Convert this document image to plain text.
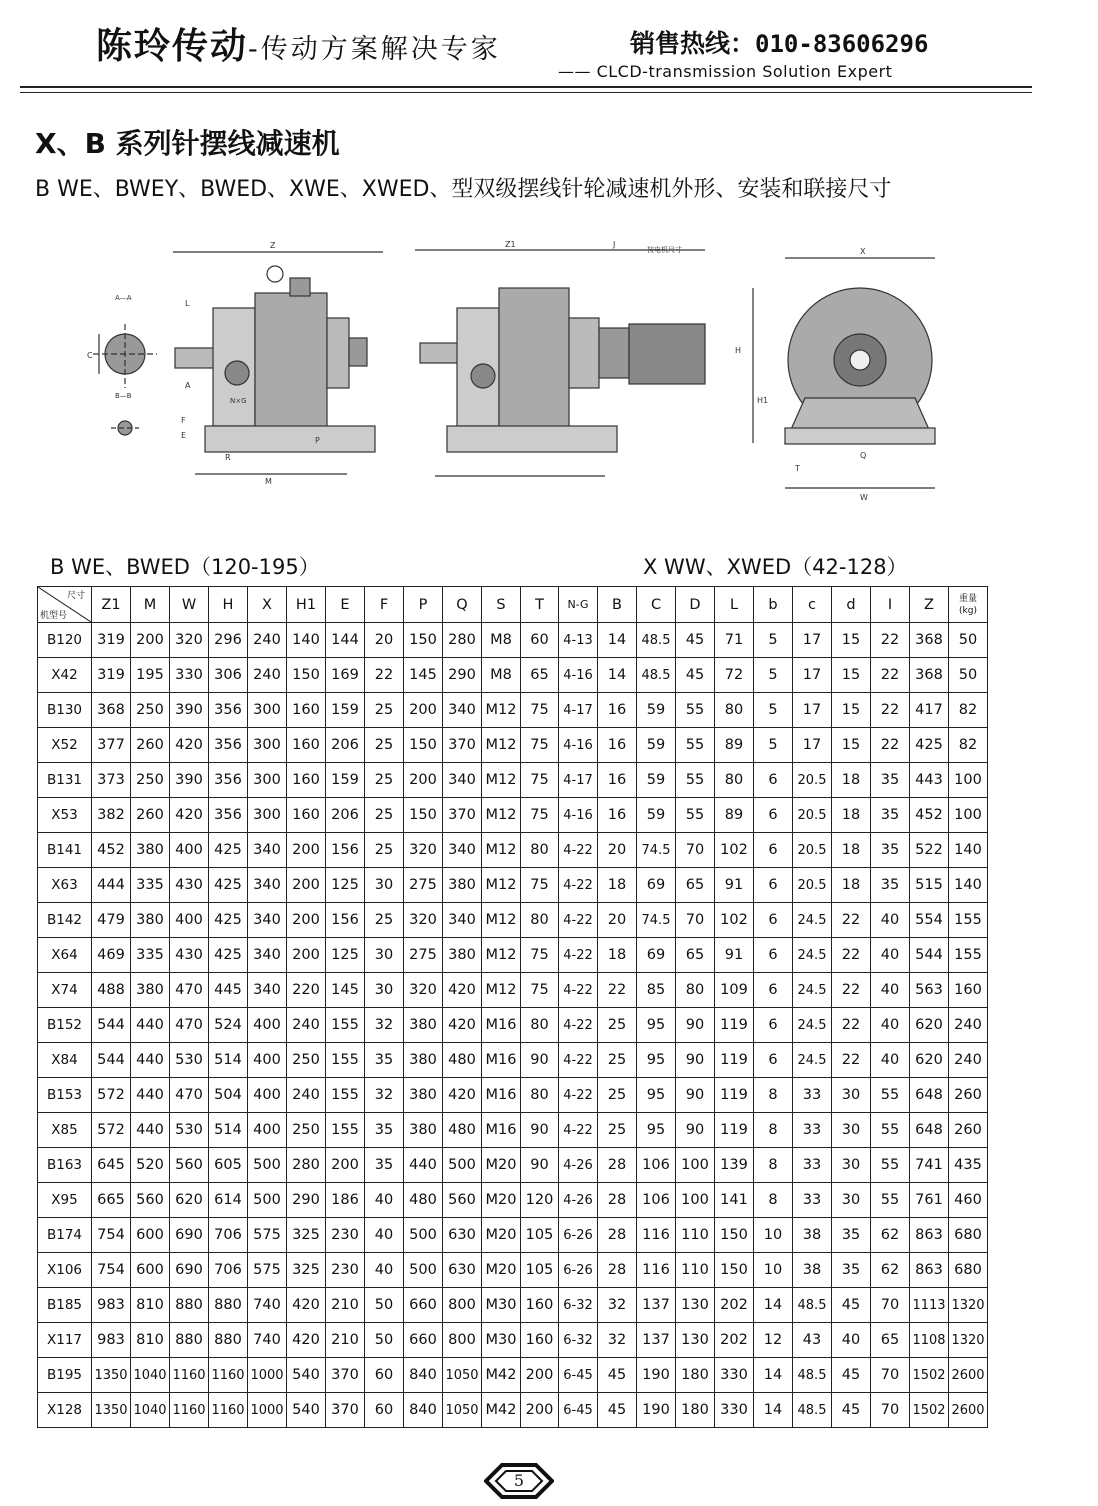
陈玲传动-传动方案解决专家	销售热线：010-83606296
—— CLCD-transmission Solution Expert
X、B 系列针摆线减速机
B WE、BWEY、BWED、XWE、XWED、型双级摆线针轮减速机外形、安装和联接尺寸
A—A
C
B—B
Z
M
P
R
L
A
N×G
F
E
Z1	J
按电机尺寸	X
H
H1
W
Q
T
B WE、BWED（120-195）	X WW、XWED（42-128）
尺寸
机型号	Z1	M	W	H	X	H1	E	F	P	Q	S	T	N-G	B	C	D	L	b	c	d	I	Z	重量
(kg)

B120	319	200	320	296	240	140	144	20	150	280	M8	60	4-13	14	48.5	45	71	5	17	15	22	368	50
X42	319	195	330	306	240	150	169	22	145	290	M8	65	4-16	14	48.5	45	72	5	17	15	22	368	50
B130	368	250	390	356	300	160	159	25	200	340	M12	75	4-17	16	59	55	80	5	17	15	22	417	82
X52	377	260	420	356	300	160	206	25	150	370	M12	75	4-16	16	59	55	89	5	17	15	22	425	82
B131	373	250	390	356	300	160	159	25	200	340	M12	75	4-17	16	59	55	80	6	20.5	18	35	443	100
X53	382	260	420	356	300	160	206	25	150	370	M12	75	4-16	16	59	55	89	6	20.5	18	35	452	100
B141	452	380	400	425	340	200	156	25	320	340	M12	80	4-22	20	74.5	70	102	6	20.5	18	35	522	140
X63	444	335	430	425	340	200	125	30	275	380	M12	75	4-22	18	69	65	91	6	20.5	18	35	515	140
B142	479	380	400	425	340	200	156	25	320	340	M12	80	4-22	20	74.5	70	102	6	24.5	22	40	554	155
X64	469	335	430	425	340	200	125	30	275	380	M12	75	4-22	18	69	65	91	6	24.5	22	40	544	155
X74	488	380	470	445	340	220	145	30	320	420	M12	75	4-22	22	85	80	109	6	24.5	22	40	563	160
B152	544	440	470	524	400	240	155	32	380	420	M16	80	4-22	25	95	90	119	6	24.5	22	40	620	240
X84	544	440	530	514	400	250	155	35	380	480	M16	90	4-22	25	95	90	119	6	24.5	22	40	620	240
B153	572	440	470	504	400	240	155	32	380	420	M16	80	4-22	25	95	90	119	8	33	30	55	648	260
X85	572	440	530	514	400	250	155	35	380	480	M16	90	4-22	25	95	90	119	8	33	30	55	648	260
B163	645	520	560	605	500	280	200	35	440	500	M20	90	4-26	28	106	100	139	8	33	30	55	741	435
X95	665	560	620	614	500	290	186	40	480	560	M20	120	4-26	28	106	100	141	8	33	30	55	761	460
B174	754	600	690	706	575	325	230	40	500	630	M20	105	6-26	28	116	110	150	10	38	35	62	863	680
X106	754	600	690	706	575	325	230	40	500	630	M20	105	6-26	28	116	110	150	10	38	35	62	863	680
B185	983	810	880	880	740	420	210	50	660	800	M30	160	6-32	32	137	130	202	14	48.5	45	70	1113	1320
X117	983	810	880	880	740	420	210	50	660	800	M30	160	6-32	32	137	130	202	12	43	40	65	1108	1320
B195	1350	1040	1160	1160	1000	540	370	60	840	1050	M42	200	6-45	45	190	180	330	14	48.5	45	70	1502	2600
X128	1350	1040	1160	1160	1000	540	370	60	840	1050	M42	200	6-45	45	190	180	330	14	48.5	45	70	1502	2600
5
